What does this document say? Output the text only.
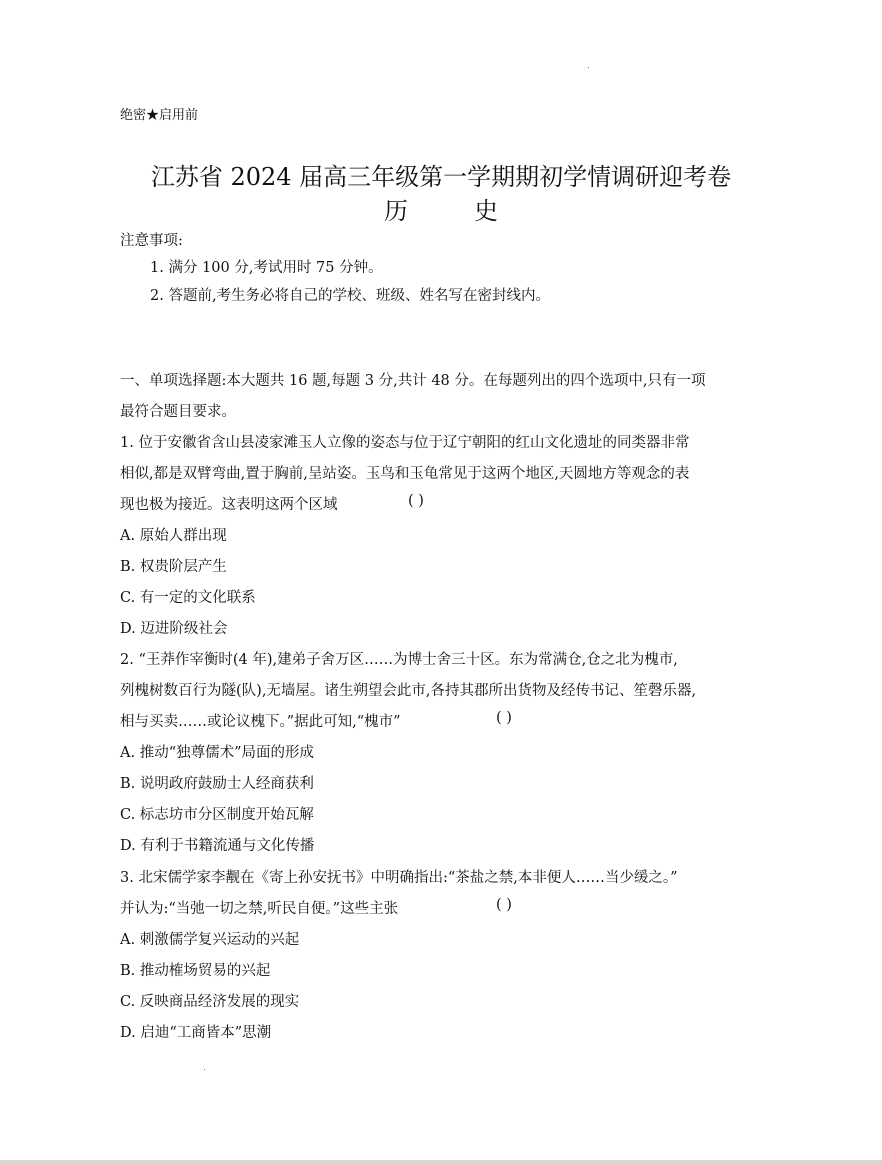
绝密★启用前
江苏省 2024 届高三年级第一学期期初学情调研迎考卷
历	史
注意事项:
1. 满分 100 分,考试用时 75 分钟。
2. 答题前,考生务必将自己的学校、班级、姓名写在密封线内。
一、单项选择题:本大题共 16 题,每题 3 分,共计 48 分。在每题列出的四个选项中,只有一项
最符合题目要求。
1. 位于安徽省含山县凌家滩玉人立像的姿态与位于辽宁朝阳的红山文化遗址的同类器非常
相似,都是双臂弯曲,置于胸前,呈站姿。玉鸟和玉龟常见于这两个地区,天圆地方等观念的表
现也极为接近。这表明这两个区域	( )
A. 原始人群出现
B. 权贵阶层产生
C. 有一定的文化联系
D. 迈进阶级社会
2. “王莽作宰衡时(4 年),建弟子舍万区……为博士舍三十区。东为常满仓,仓之北为槐市,
列槐树数百行为隧(队),无墙屋。诸生朔望会此市,各持其郡所出货物及经传书记、笙磬乐器,
相与买卖……或论议槐下。”据此可知,“槐市”	( )
A. 推动“独尊儒术”局面的形成
B. 说明政府鼓励士人经商获利
C. 标志坊市分区制度开始瓦解
D. 有利于书籍流通与文化传播
3. 北宋儒学家李觏在《寄上孙安抚书》中明确指出:“茶盐之禁,本非便人……当少缓之。”
并认为:“当弛一切之禁,听民自便。”这些主张	( )
A. 刺激儒学复兴运动的兴起
B. 推动榷场贸易的兴起
C. 反映商品经济发展的现实
D. 启迪“工商皆本”思潮
